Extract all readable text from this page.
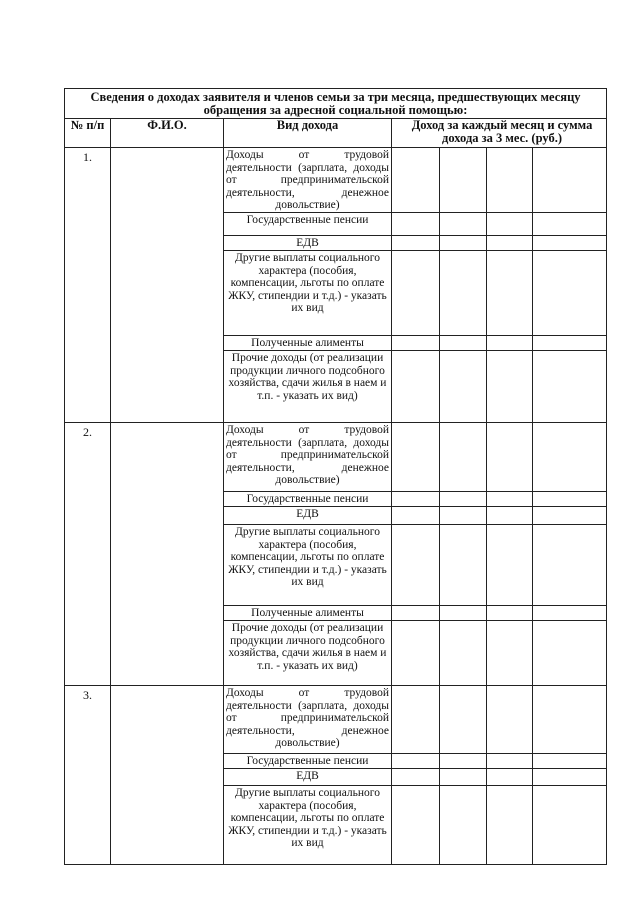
Сведения о доходах заявителя и членов семьи за три месяца, предшествующих месяцу обращения за адресной социальной помощью:						
№ п/п	Ф.И.О.	Вид дохода	Доход за каждый месяц и сумма дохода за 3 мес. (руб.)			
1.		Доходы от трудовой деятельности (зарплата, доходы от предпринимательской деятельности, денежное довольствие)				
		Государственные пенсии				
		ЕДВ				
		Другие выплаты социального характера (пособия, компенсации, льготы по оплате ЖКУ, стипендии и т.д.) - указать их вид				
		Полученные алименты				
		Прочие доходы (от реализации продукции личного подсобного хозяйства, сдачи жилья в наем и т.п. - указать их вид)				
2.		Доходы от трудовой деятельности (зарплата, доходы от предпринимательской деятельности, денежное довольствие)				
		Государственные пенсии				
		ЕДВ				
		Другие выплаты социального характера (пособия, компенсации, льготы по оплате ЖКУ, стипендии и т.д.) - указать их вид				
		Полученные алименты				
		Прочие доходы (от реализации продукции личного подсобного хозяйства, сдачи жилья в наем и т.п. - указать их вид)				
3.		Доходы от трудовой деятельности (зарплата, доходы от предпринимательской деятельности, денежное довольствие)				
		Государственные пенсии				
		ЕДВ				
		Другие выплаты социального характера (пособия, компенсации, льготы по оплате ЖКУ, стипендии и т.д.) - указать их вид				
